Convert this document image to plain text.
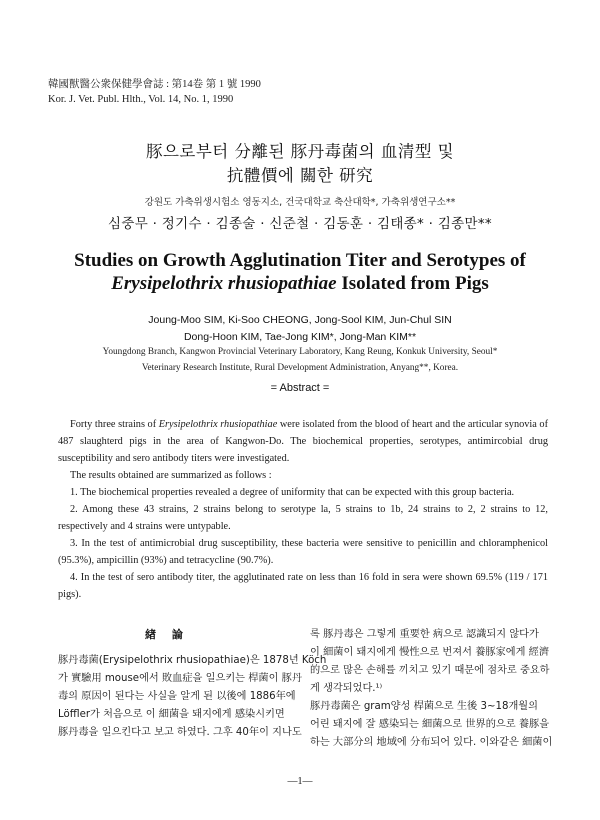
韓國獸醫公衆保健學會誌 : 第14卷 第 1 號 1990
Kor. J. Vet. Publ. Hlth., Vol. 14, No. 1, 1990
豚으로부터 分離된 豚丹毒菌의 血清型 및
抗體價에 關한 研究
강원도 가축위생시험소 영동지소, 건국대학교 축산대학*, 가축위생연구소**
심중무 · 정기수 · 김종술 · 신준철 · 김동훈 · 김태종* · 김종만**
Studies on Growth Agglutination Titer and Serotypes of
Erysipelothrix rhusiopathiae Isolated from Pigs
Joung-Moo SIM, Ki-Soo CHEONG, Jong-Sool KIM, Jun-Chul SIN
Dong-Hoon KIM, Tae-Jong KIM*, Jong-Man KIM**
Youngdong Branch, Kangwon Provincial Veterinary Laboratory, Kang Reung, Konkuk University, Seoul*
Veterinary Research Institute, Rural Development Administration, Anyang**, Korea.
= Abstract =

Forty three strains of Erysipelothrix rhusiopathiae were isolated from the blood of heart and the articular synovia of 487 slaughterd pigs in the area of Kangwon-Do. The biochemical properties, serotypes, antimircobial drug susceptibility and sero antibody titers were investigated.

The results obtained are summarized as follows :

1. The biochemical properties revealed a degree of uniformity that can be expected with this group bacteria.

2. Among these 43 strains, 2 strains belong to serotype la, 5 strains to 1b, 24 strains to 2, 2 strains to 12, respectively and 4 strains were untypable.

3. In the test of antimicrobial drug susceptibility, these bacteria were sensitive to penicillin and chloramphenicol (95.3%), ampicillin (93%) and tetracycline (90.7%).

4. In the test of sero antibody titer, the agglutinated rate on less than 16 fold in sera were shown 69.5% (119 / 171 pigs).

緖 論

豚丹毒菌(Erysipelothrix rhusiopathiae)은 1878년 Köch

가 實驗用 mouse에서 敗血症을 일으키는 桿菌이 豚丹

毒의 原因이 된다는 사실을 알게 된 以後에 1886年에

Löffler가 처음으로 이 細菌을 돼지에게 感染시키면

豚丹毒을 일으킨다고 보고 하였다. 그후 40年이 지나도

록 豚丹毒은 그렇게 重要한 病으로 認識되지 않다가

이 細菌이 돼지에게 慢性으로 번져서 養豚家에게 經濟

的으로 많은 손해를 끼치고 있기 때문에 점차로 중요하

게 생각되었다.¹⁾

豚丹毒菌은 gram양성 桿菌으로 生後 3~18개월의

어린 돼지에 잘 感染되는 細菌으로 世界的으로 養豚을

하는 大部分의 地域에 分布되어 있다. 이와같은 細菌이

—1—
